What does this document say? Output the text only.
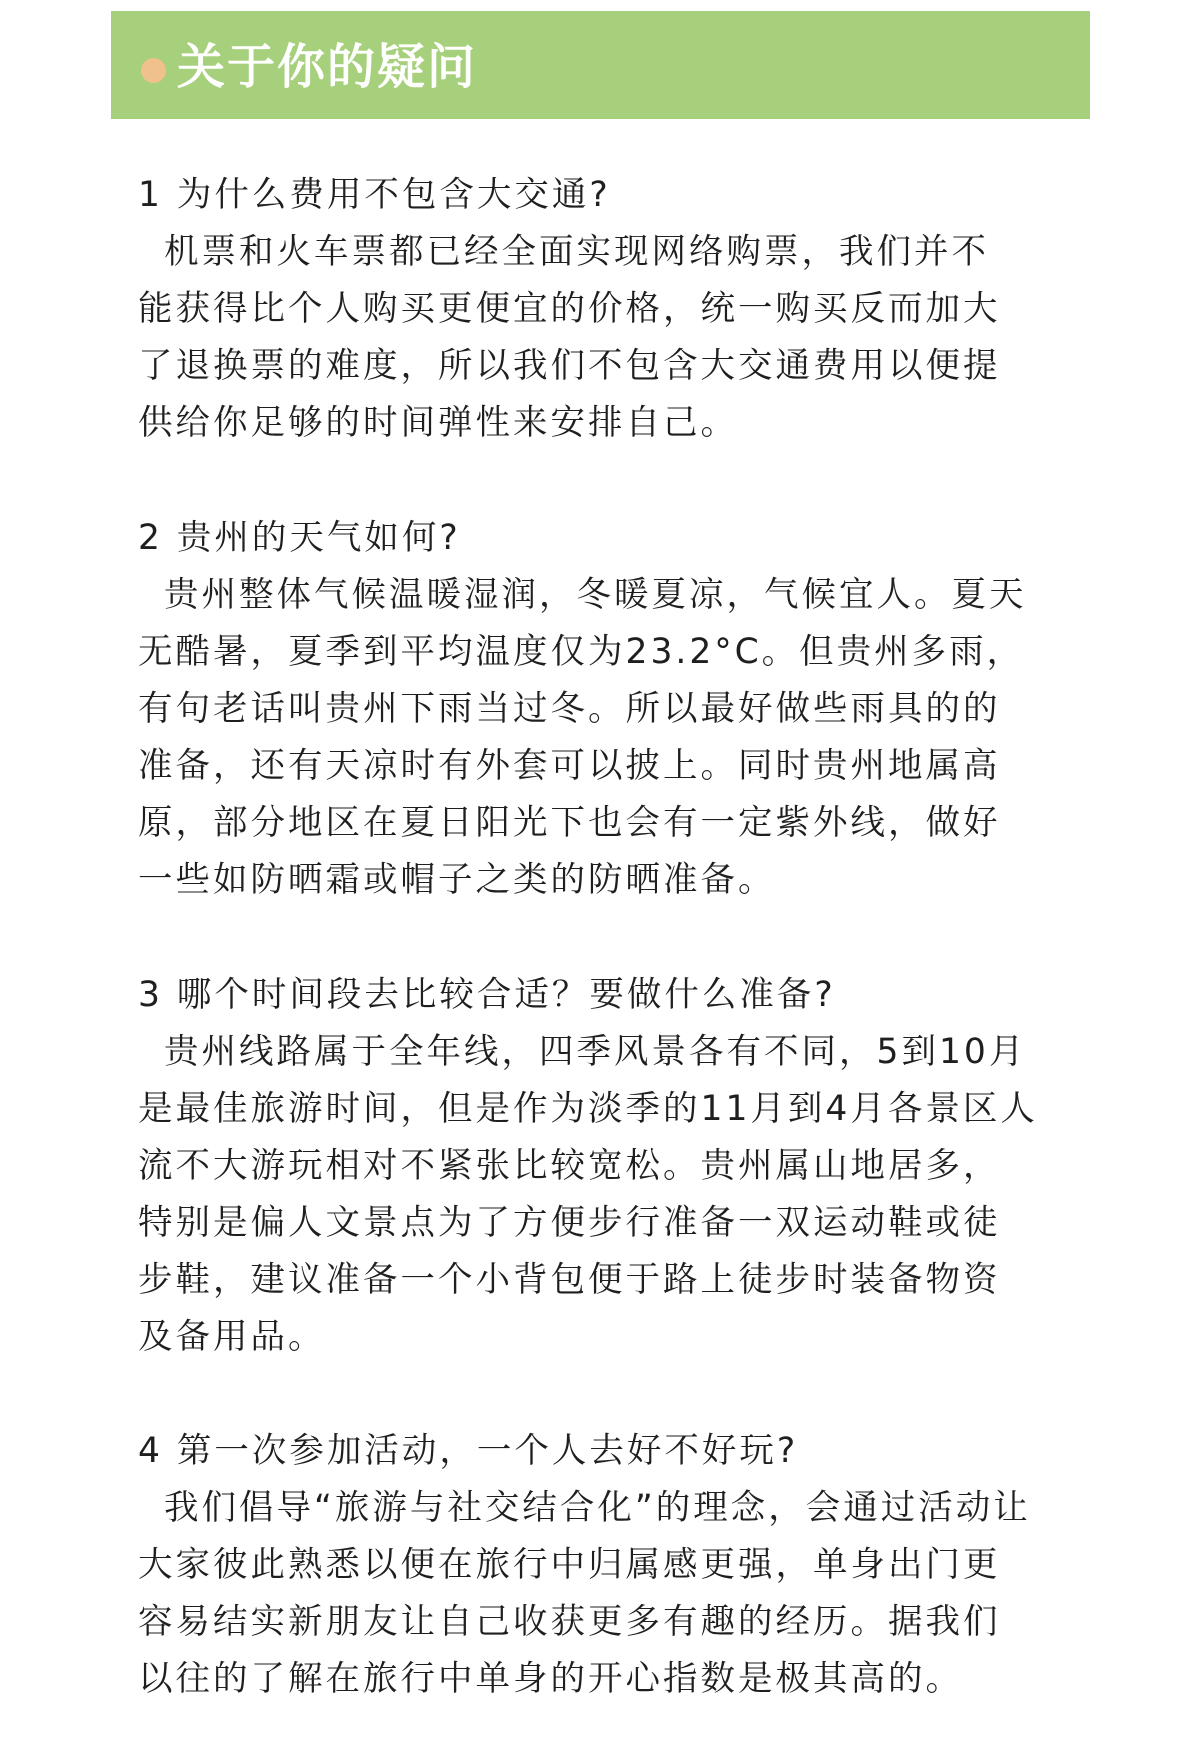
关于你的疑问
1 为什么费用不包含大交通?
机票和火车票都已经全面实现网络购票，我们并不
能获得比个人购买更便宜的价格，统一购买反而加大
了退换票的难度，所以我们不包含大交通费用以便提
供给你足够的时间弹性来安排自己。
2 贵州的天气如何?
贵州整体气候温暖湿润，冬暖夏凉，气候宜人。夏天
无酷暑，夏季到平均温度仅为23.2°C。但贵州多雨，
有句老话叫贵州下雨当过冬。所以最好做些雨具的的
准备，还有天凉时有外套可以披上。同时贵州地属高
原，部分地区在夏日阳光下也会有一定紫外线，做好
一些如防晒霜或帽子之类的防晒准备。
3 哪个时间段去比较合适？要做什么准备?
贵州线路属于全年线，四季风景各有不同，5到10月
是最佳旅游时间，但是作为淡季的11月到4月各景区人
流不大游玩相对不紧张比较宽松。贵州属山地居多，
特别是偏人文景点为了方便步行准备一双运动鞋或徒
步鞋，建议准备一个小背包便于路上徒步时装备物资
及备用品。
4 第一次参加活动，一个人去好不好玩?
我们倡导“旅游与社交结合化”的理念，会通过活动让
大家彼此熟悉以便在旅行中归属感更强，单身出门更
容易结实新朋友让自己收获更多有趣的经历。据我们
以往的了解在旅行中单身的开心指数是极其高的。
